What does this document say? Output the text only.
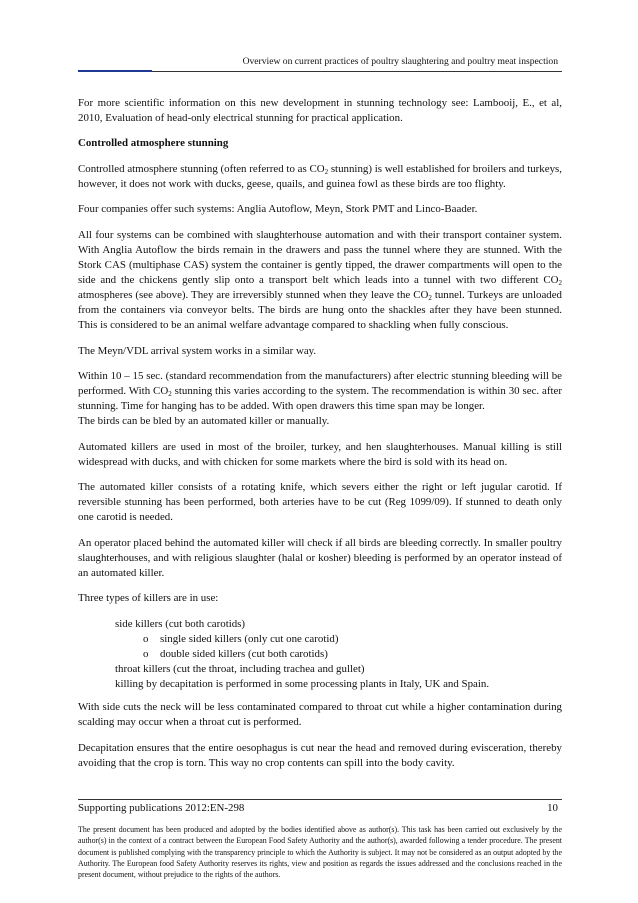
Overview on current practices of poultry slaughtering and poultry meat inspection

For more scientific information on this new development in stunning technology see: Lambooij, E., et al, 2010, Evaluation of head-only electrical stunning for practical application.

Controlled atmosphere stunning

Controlled atmosphere stunning (often referred to as $CO_2$ stunning) is well established for broilers and turkeys, however, it does not work with ducks, geese, quails, and guinea fowl as these birds are too flighty.

Four companies offer such systems: Anglia Autoflow, Meyn, Stork PMT and Linco-Baader.

All four systems can be combined with slaughterhouse automation and with their transport container system. With Anglia Autoflow the birds remain in the drawers and pass the tunnel where they are stunned. With the Stork CAS (multiphase CAS) system the container is gently tipped, the drawer compartments will open to the side and the chickens gently slip onto a transport belt which leads into a tunnel with two different $CO_2$ atmospheres (see above). They are irreversibly stunned when they leave the $CO_2$ tunnel. Turkeys are unloaded from the containers via conveyor belts. The birds are hung onto the shackles after they have been stunned. This is considered to be an animal welfare advantage compared to shackling when fully conscious.

The Meyn/VDL arrival system works in a similar way.

Within 10 – 15 sec. (standard recommendation from the manufacturers) after electric stunning bleeding will be performed. With $CO_2$ stunning this varies according to the system. The recommendation is within 30 sec. after stunning. Time for hanging has to be added. With open drawers this time span may be longer.

The birds can be bled by an automated killer or manually.

Automated killers are used in most of the broiler, turkey, and hen slaughterhouses. Manual killing is still widespread with ducks, and with chicken for some markets where the bird is sold with its head on.

The automated killer consists of a rotating knife, which severs either the right or left jugular carotid. If reversible stunning has been performed, both arteries have to be cut (Reg 1099/09). If stunned to death only one carotid is needed.

An operator placed behind the automated killer will check if all birds are bleeding correctly. In smaller poultry slaughterhouses, and with religious slaughter (halal or kosher) bleeding is performed by an operator instead of an automated killer.

Three types of killers are in use:

side killers (cut both carotids)
o single sided killers (only cut one carotid)
o double sided killers (cut both carotids)
throat killers (cut the throat, including trachea and gullet)
killing by decapitation is performed in some processing plants in Italy, UK and Spain.

With side cuts the neck will be less contaminated compared to throat cut while a higher contamination during scalding may occur when a throat cut is performed.

Decapitation ensures that the entire oesophagus is cut near the head and removed during evisceration, thereby avoiding that the crop is torn. This way no crop contents can spill into the body cavity.

Supporting publications 2012:EN-298	10
The present document has been produced and adopted by the bodies identified above as author(s). This task has been carried out exclusively by the author(s) in the context of a contract between the European Food Safety Authority and the author(s), awarded following a tender procedure. The present document is published complying with the transparency principle to which the Authority is subject. It may not be considered as an output adopted by the Authority. The European food Safety Authority reserves its rights, view and position as regards the issues addressed and the conclusions reached in the present document, without prejudice to the rights of the authors.
